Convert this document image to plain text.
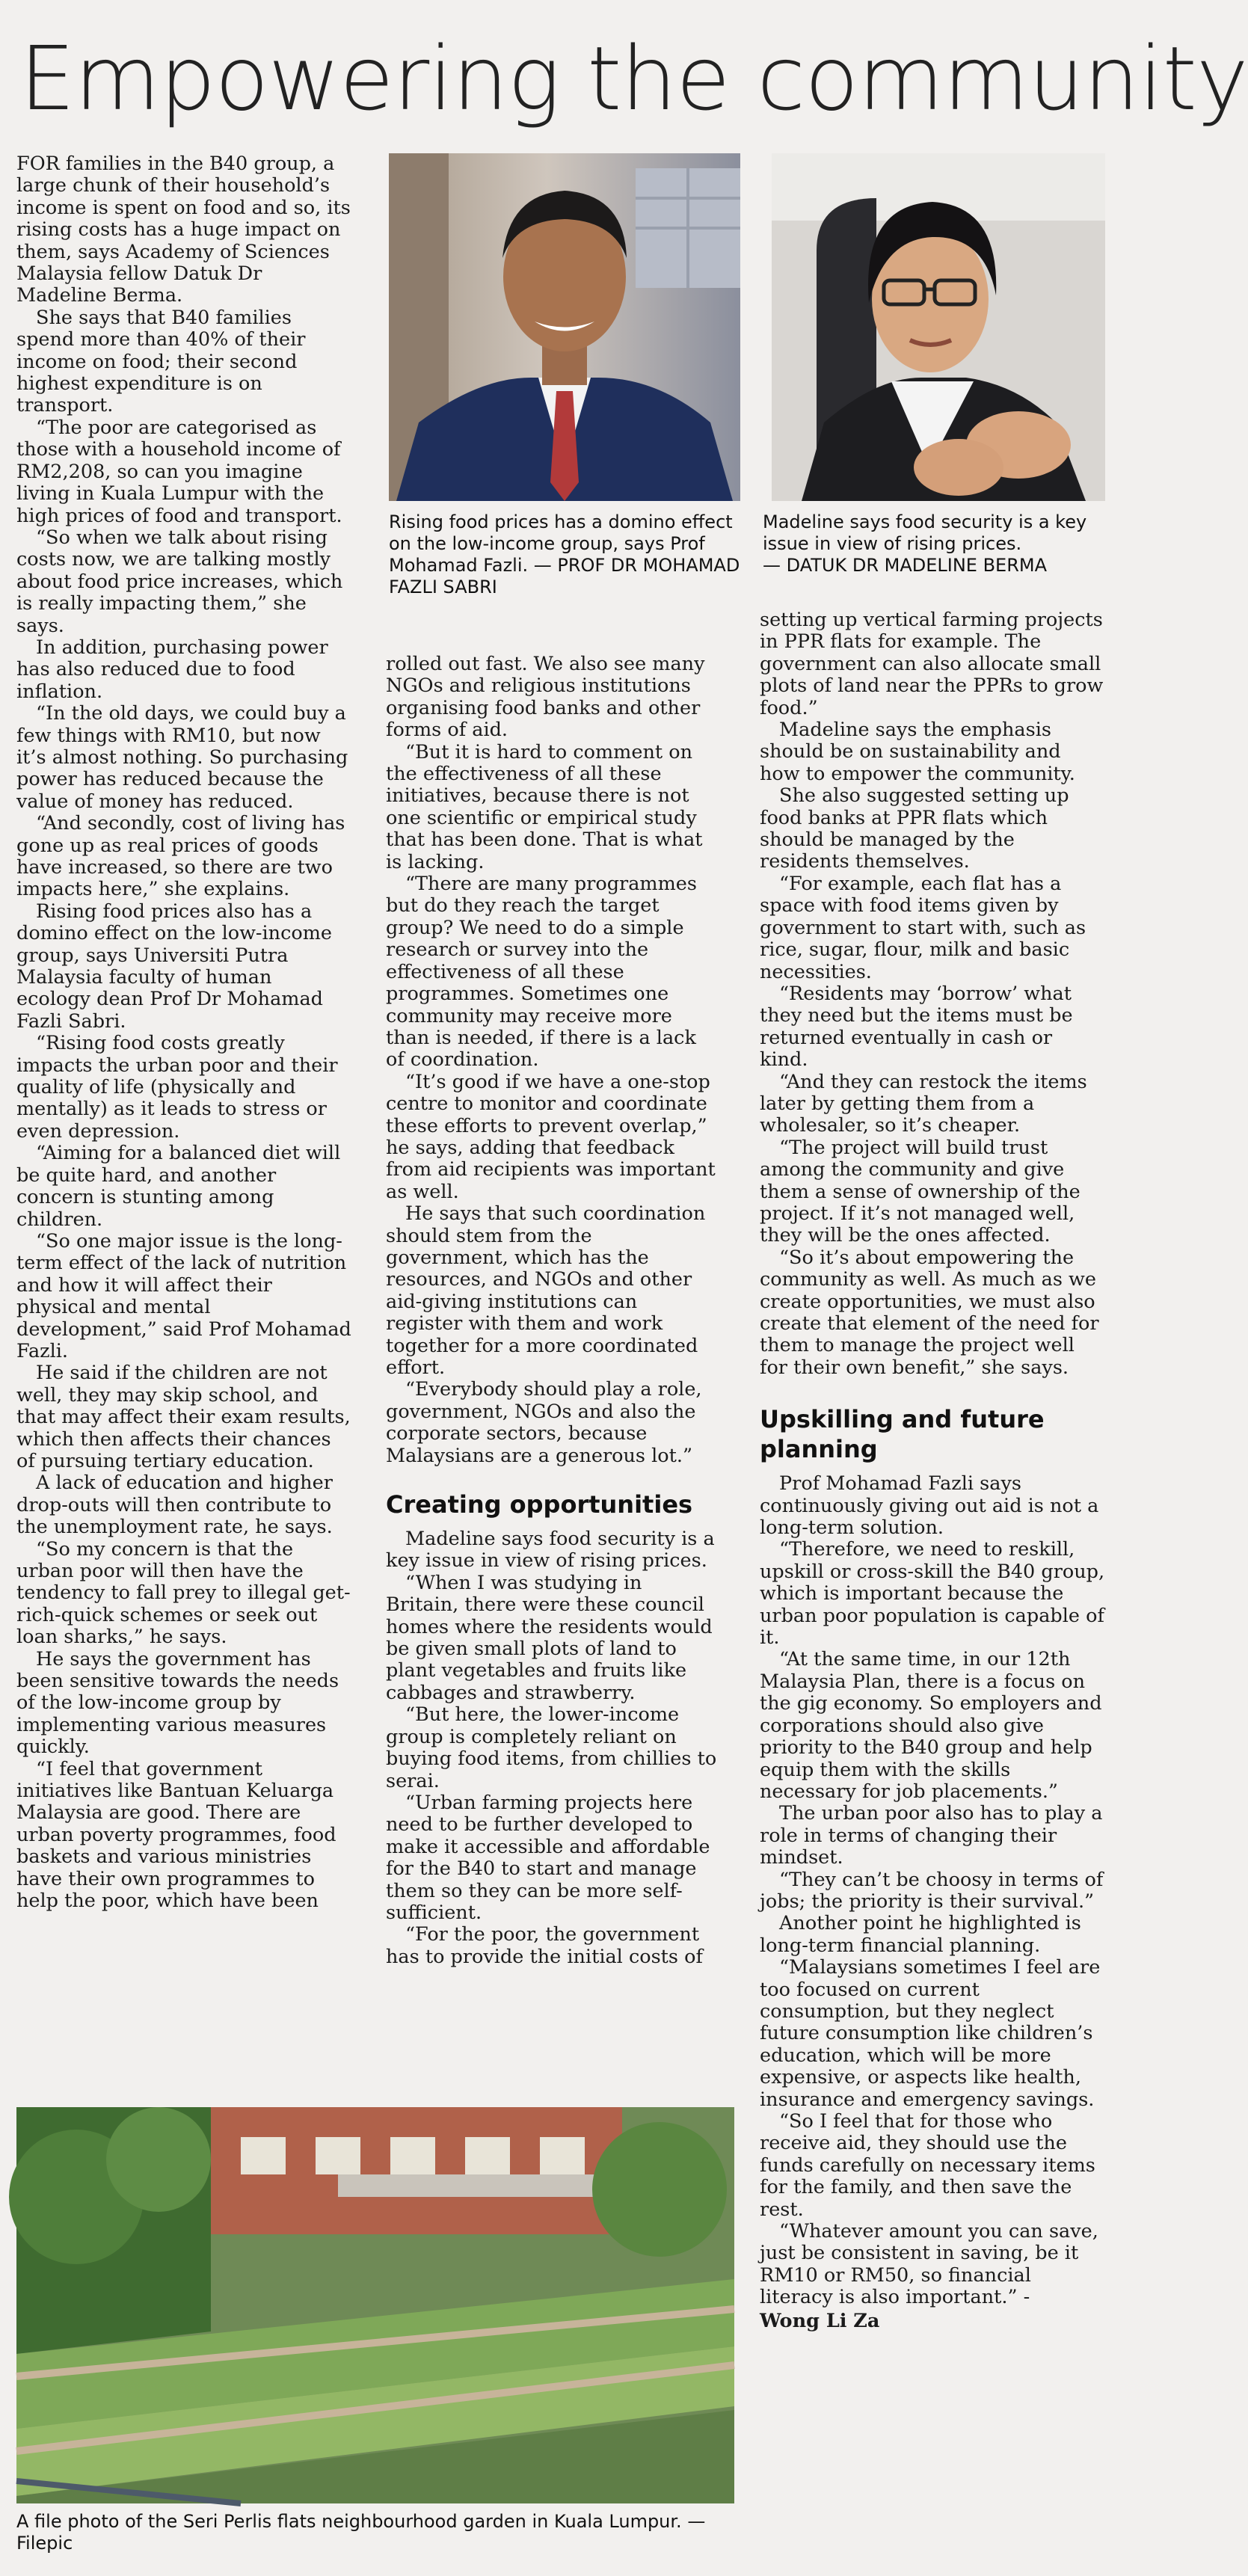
Empowering the community

Rising food prices has a domino effect on the low-income group, says Prof Mohamad Fazli. — PROF DR MOHAMAD FAZLI SABRI

Madeline says food security is a key issue in view of rising prices.
— DATUK DR MADELINE BERMA

FOR families in the B40 group, a large chunk of their household’s income is spent on food and so, its rising costs has a huge impact on them, says Academy of Sciences Malaysia fellow Datuk Dr Madeline Berma.

She says that B40 families spend more than 40% of their income on food; their second highest expenditure is on transport.

“The poor are categorised as those with a household income of RM2,208, so can you imagine living in Kuala Lumpur with the high prices of food and transport.

“So when we talk about rising costs now, we are talking mostly about food price increases, which is really impacting them,” she says.

In addition, purchasing power has also reduced due to food inflation.

“In the old days, we could buy a few things with RM10, but now it’s almost nothing. So purchasing power has reduced because the value of money has reduced.

“And secondly, cost of living has gone up as real prices of goods have increased, so there are two impacts here,” she explains.

Rising food prices also has a domino effect on the low-income group, says Universiti Putra Malaysia faculty of human ecology dean Prof Dr Mohamad Fazli Sabri.

“Rising food costs greatly impacts the urban poor and their quality of life (physically and mentally) as it leads to stress or even depression.

“Aiming for a balanced diet will be quite hard, and another concern is stunting among children.

“So one major issue is the long-term effect of the lack of nutrition and how it will affect their physical and mental development,” said Prof Mohamad Fazli.

He said if the children are not well, they may skip school, and that may affect their exam results, which then affects their chances of pursuing tertiary education.

A lack of education and higher drop-outs will then contribute to the unemployment rate, he says.

“So my concern is that the urban poor will then have the tendency to fall prey to illegal get-rich-quick schemes or seek out loan sharks,” he says.

He says the government has been sensitive towards the needs of the low-income group by implementing various measures quickly.

“I feel that government initiatives like Bantuan Keluarga Malaysia are good. There are urban poverty programmes, food baskets and various ministries have their own programmes to help the poor, which have been

rolled out fast. We also see many NGOs and religious institutions organising food banks and other forms of aid.

“But it is hard to comment on the effectiveness of all these initiatives, because there is not one scientific or empirical study that has been done. That is what is lacking.

“There are many programmes but do they reach the target group? We need to do a simple research or survey into the effectiveness of all these programmes. Sometimes one community may receive more than is needed, if there is a lack of coordination.

“It’s good if we have a one-stop centre to monitor and coordinate these efforts to prevent overlap,” he says, adding that feedback from aid recipients was important as well.

He says that such coordination should stem from the government, which has the resources, and NGOs and other aid-giving institutions can register with them and work together for a more coordinated effort.

“Everybody should play a role, government, NGOs and also the corporate sectors, because Malaysians are a generous lot.”

Creating opportunities

Madeline says food security is a key issue in view of rising prices.

“When I was studying in Britain, there were these council homes where the residents would be given small plots of land to plant vegetables and fruits like cabbages and strawberry.

“But here, the lower-income group is completely reliant on buying food items, from chillies to serai.

“Urban farming projects here need to be further developed to make it accessible and affordable for the B40 to start and manage them so they can be more self-sufficient.

“For the poor, the government has to provide the initial costs of

setting up vertical farming projects in PPR flats for example. The government can also allocate small plots of land near the PPRs to grow food.”

Madeline says the emphasis should be on sustainability and how to empower the community.

She also suggested setting up food banks at PPR flats which should be managed by the residents themselves.

“For example, each flat has a space with food items given by government to start with, such as rice, sugar, flour, milk and basic necessities.

“Residents may ‘borrow’ what they need but the items must be returned eventually in cash or kind.

“And they can restock the items later by getting them from a wholesaler, so it’s cheaper.

“The project will build trust among the community and give them a sense of ownership of the project. If it’s not managed well, they will be the ones affected.

“So it’s about empowering the community as well. As much as we create opportunities, we must also create that element of the need for them to manage the project well for their own benefit,” she says.

Upskilling and future planning

Prof Mohamad Fazli says continuously giving out aid is not a long-term solution.

“Therefore, we need to reskill, upskill or cross-skill the B40 group, which is important because the urban poor population is capable of it.

“At the same time, in our 12th Malaysia Plan, there is a focus on the gig economy. So employers and corporations should also give priority to the B40 group and help equip them with the skills necessary for job placements.”

The urban poor also has to play a role in terms of changing their mindset.

“They can’t be choosy in terms of jobs; the priority is their survival.”

Another point he highlighted is long-term financial planning.

“Malaysians sometimes I feel are too focused on current consumption, but they neglect future consumption like children’s education, which will be more expensive, or aspects like health, insurance and emergency savings.

“So I feel that for those who receive aid, they should use the funds carefully on necessary items for the family, and then save the rest.

“Whatever amount you can save, just be consistent in saving, be it RM10 or RM50, so financial literacy is also important.” -

Wong Li Za

A file photo of the Seri Perlis flats neighbourhood garden in Kuala Lumpur. — Filepic
